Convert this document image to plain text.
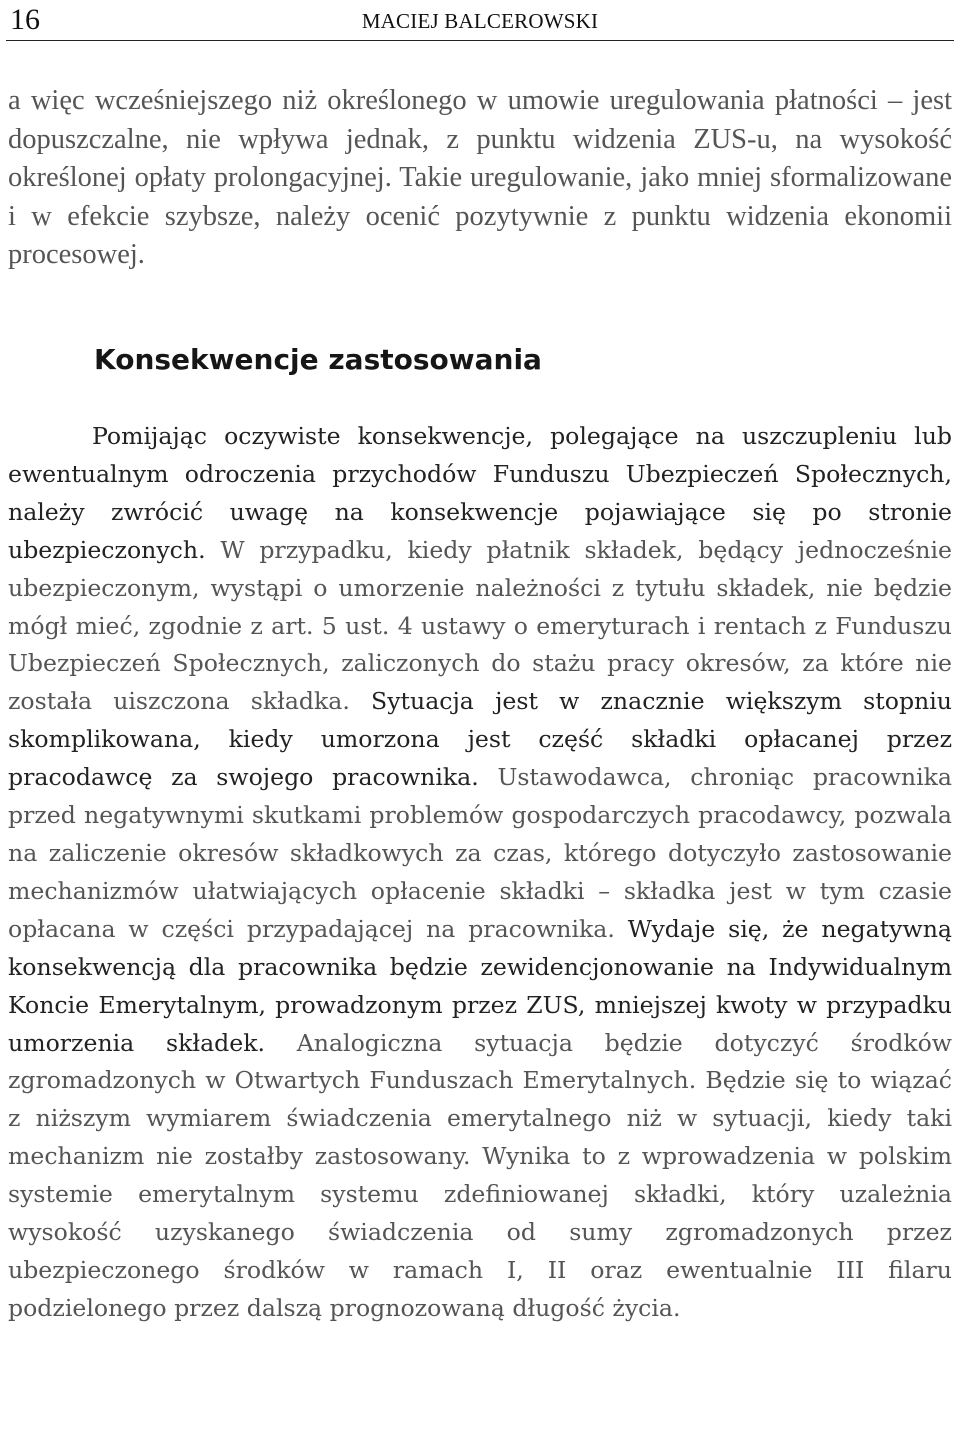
16	MACIEJ BALCEROWSKI

a więc wcześniejszego niż określonego w umowie uregulowania płatności – jest dopuszczalne, nie wpływa jednak, z punktu widzenia ZUS-u, na wysokość określonej opłaty prolongacyjnej. Takie uregulowanie, jako mniej sformalizowane i w efekcie szybsze, należy ocenić pozytywnie z punktu widzenia ekonomii procesowej.

Konsekwencje zastosowania

Pomijając oczywiste konsekwencje, polegające na uszczupleniu lub ewentualnym odroczenia przychodów Funduszu Ubezpieczeń Społecznych, należy zwrócić uwagę na konsekwencje pojawiające się po stronie ubezpieczonych. W przypadku, kiedy płatnik składek, będący jednocześnie ubezpieczonym, wystąpi o umorzenie należności z tytułu składek, nie będzie mógł mieć, zgodnie z art. 5 ust. 4 ustawy o emeryturach i rentach z Funduszu Ubezpieczeń Społecznych, zaliczonych do stażu pracy okresów, za które nie została uiszczona składka. Sytuacja jest w znacznie większym stopniu skomplikowana, kiedy umorzona jest część składki opłacanej przez pracodawcę za swojego pracownika. Ustawodawca, chroniąc pracownika przed negatywnymi skutkami problemów gospodarczych pracodawcy, pozwala na zaliczenie okresów składkowych za czas, którego dotyczyło zastosowanie mechanizmów ułatwiających opłacenie składki – składka jest w tym czasie opłacana w części przypadającej na pracownika. Wydaje się, że negatywną konsekwencją dla pracownika będzie zewidencjonowanie na Indywidualnym Koncie Emerytalnym, prowadzonym przez ZUS, mniejszej kwoty w przypadku umorzenia składek. Analogiczna sytuacja będzie dotyczyć środków zgromadzonych w Otwartych Funduszach Emerytalnych. Będzie się to wiązać z niższym wymiarem świadczenia emerytalnego niż w sytuacji, kiedy taki mechanizm nie zostałby zastosowany. Wynika to z wprowadzenia w polskim systemie emerytalnym systemu zdefiniowanej składki, który uzależnia wysokość uzyskanego świadczenia od sumy zgromadzonych przez ubezpieczonego środków w ramach I, II oraz ewentualnie III filaru podzielonego przez dalszą prognozowaną długość życia.
